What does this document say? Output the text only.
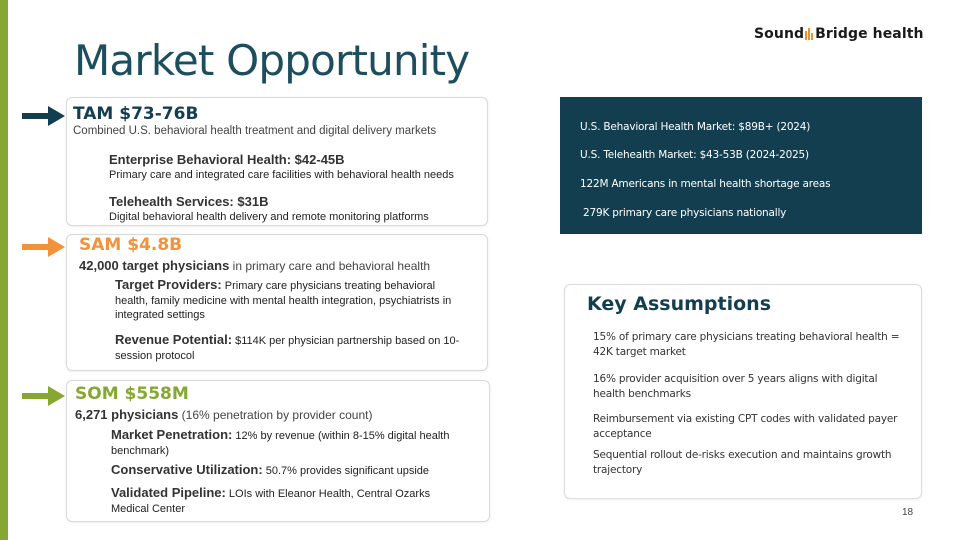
Sound Bridge health
Market Opportunity
TAM $73-76B
Combined U.S. behavioral health treatment and digital delivery markets
Enterprise Behavioral Health: $42-45B
Primary care and integrated care facilities with behavioral health needs
Telehealth Services: $31B
Digital behavioral health delivery and remote monitoring platforms
SAM $4.8B
42,000 target physicians in primary care and behavioral health
Target Providers: Primary care physicians treating behavioral health, family medicine with mental health integration, psychiatrists in integrated settings
Revenue Potential: $114K per physician partnership based on 10-session protocol
SOM $558M
6,271 physicians (16% penetration by provider count)
Market Penetration: 12% by revenue (within 8-15% digital health benchmark)
Conservative Utilization: 50.7% provides significant upside
Validated Pipeline: LOIs with Eleanor Health, Central Ozarks Medical Center
U.S. Behavioral Health Market: $89B+ (2024)
U.S. Telehealth Market: $43-53B (2024-2025)
122M Americans in mental health shortage areas
279K primary care physicians nationally
Key Assumptions
15% of primary care physicians treating behavioral health = 42K target market
16% provider acquisition over 5 years aligns with digital health benchmarks
Reimbursement via existing CPT codes with validated payer acceptance
Sequential rollout de-risks execution and maintains growth trajectory
18
